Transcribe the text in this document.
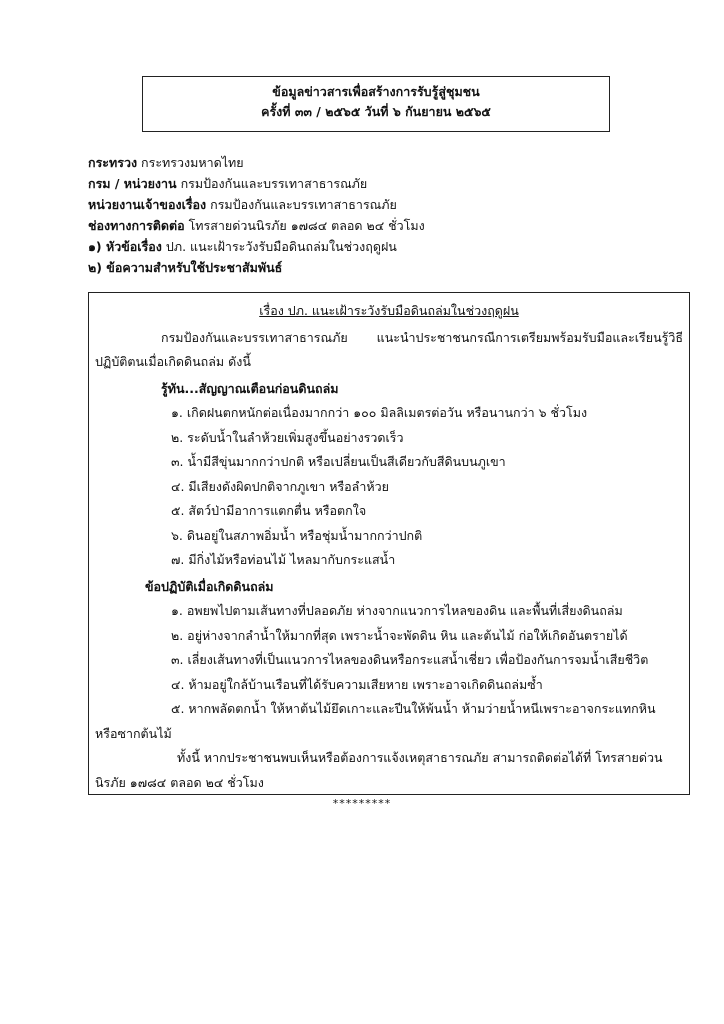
ข้อมูลข่าวสารเพื่อสร้างการรับรู้สู่ชุมชน
ครั้งที่ ๓๓ / ๒๕๖๕ วันที่ ๖ กันยายน ๒๕๖๕
กระทรวง กระทรวงมหาดไทย
กรม / หน่วยงาน กรมป้องกันและบรรเทาสาธารณภัย
หน่วยงานเจ้าของเรื่อง กรมป้องกันและบรรเทาสาธารณภัย
ช่องทางการติดต่อ โทรสายด่วนนิรภัย ๑๗๘๔ ตลอด ๒๔ ชั่วโมง
๑) หัวข้อเรื่อง ปภ. แนะเฝ้าระวังรับมือดินถล่มในช่วงฤดูฝน
๒) ข้อความสำหรับใช้ประชาสัมพันธ์
เรื่อง ปภ. แนะเฝ้าระวังรับมือดินถล่มในช่วงฤดูฝน
กรมป้องกันและบรรเทาสาธารณภัย แนะนำประชาชนกรณีการเตรียมพร้อมรับมือและเรียนรู้วิธีปฏิบัติตนเมื่อเกิดดินถล่ม ดังนี้
รู้ทัน...สัญญาณเตือนก่อนดินถล่ม
๑. เกิดฝนตกหนักต่อเนื่องมากกว่า ๑๐๐ มิลลิเมตรต่อวัน หรือนานกว่า ๖ ชั่วโมง
๒. ระดับน้ำในลำห้วยเพิ่มสูงขึ้นอย่างรวดเร็ว
๓. น้ำมีสีขุ่นมากกว่าปกติ หรือเปลี่ยนเป็นสีเดียวกับสีดินบนภูเขา
๔. มีเสียงดังผิดปกติจากภูเขา หรือลำห้วย
๕. สัตว์ป่ามีอาการแตกตื่น หรือตกใจ
๖. ดินอยู่ในสภาพอิ่มน้ำ หรือชุ่มน้ำมากกว่าปกติ
๗. มีกิ่งไม้หรือท่อนไม้ ไหลมากับกระแสน้ำ
ข้อปฏิบัติเมื่อเกิดดินถล่ม
๑. อพยพไปตามเส้นทางที่ปลอดภัย ห่างจากแนวการไหลของดิน และพื้นที่เสี่ยงดินถล่ม
๒. อยู่ห่างจากลำน้ำให้มากที่สุด เพราะน้ำจะพัดดิน หิน และต้นไม้ ก่อให้เกิดอันตรายได้
๓. เลี่ยงเส้นทางที่เป็นแนวการไหลของดินหรือกระแสน้ำเชี่ยว เพื่อป้องกันการจมน้ำเสียชีวิต
๔. ห้ามอยู่ใกล้บ้านเรือนที่ได้รับความเสียหาย เพราะอาจเกิดดินถล่มซ้ำ
๕. หากพลัดตกน้ำ ให้หาต้นไม้ยึดเกาะและปีนให้พ้นน้ำ ห้ามว่ายน้ำหนีเพราะอาจกระแทกหิน
หรือซากต้นไม้
ทั้งนี้ หากประชาชนพบเห็นหรือต้องการแจ้งเหตุสาธารณภัย สามารถติดต่อได้ที่ โทรสายด่วนนิรภัย ๑๗๘๔ ตลอด ๒๔ ชั่วโมง
*********
